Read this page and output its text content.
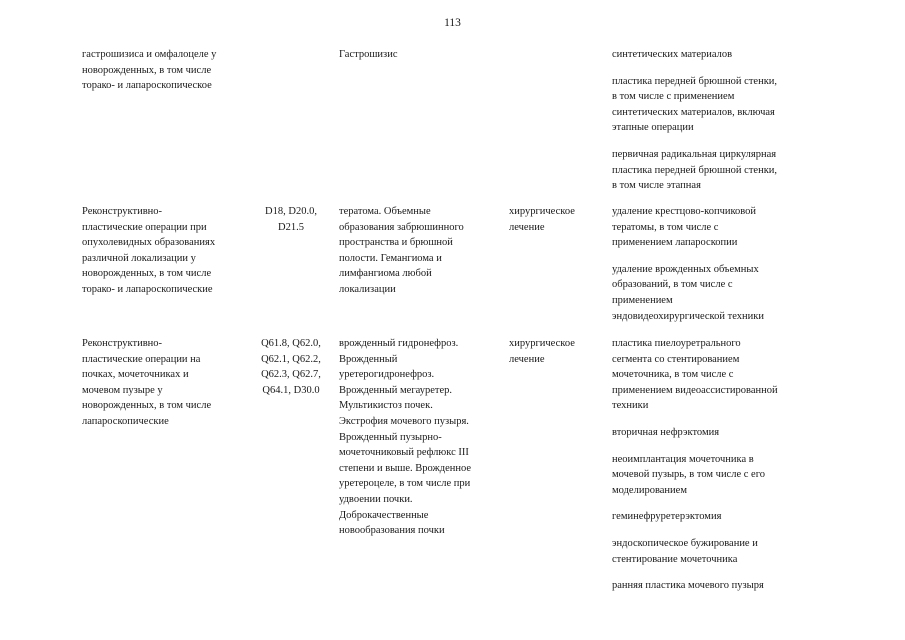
113
гастрошизиса и омфалоцеле у
новорожденных, в том числе
торако- и лапароскопическое
Гастрошизис	синтетических материалов
пластика передней брюшной стенки,
в том числе с применением
синтетических материалов, включая
этапные операции
первичная радикальная циркулярная
пластика передней брюшной стенки,
в том числе этапная
Реконструктивно-
пластические операции при
опухолевидных образованиях
различной локализации у
новорожденных, в том числе
торако- и лапароскопические
D18, D20.0,
D21.5
тератома. Объемные
образования забрюшинного
пространства и брюшной
полости. Гемангиома и
лимфангиома любой
локализации
хирургическое
лечение
удаление крестцово-копчиковой
тератомы, в том числе с
применением лапароскопии
удаление врожденных объемных
образований, в том числе с
применением
эндовидеохирургической техники
Реконструктивно-
пластические операции на
почках, мочеточниках и
мочевом пузыре у
новорожденных, в том числе
лапароскопические
Q61.8, Q62.0,
Q62.1, Q62.2,
Q62.3, Q62.7,
Q64.1, D30.0
врожденный гидронефроз.
Врожденный
уретерогидронефроз.
Врожденный мегауретер.
Мультикистоз почек.
Экстрофия мочевого пузыря.
Врожденный пузырно-
мочеточниковый рефлюкс III
степени и выше. Врожденное
уретероцеле, в том числе при
удвоении почки.
Доброкачественные
новообразования почки
хирургическое
лечение
пластика пиелоуретрального
сегмента со стентированием
мочеточника, в том числе с
применением видеоассистированной
техники
вторичная нефрэктомия
неоимплантация мочеточника в
мочевой пузырь, в том числе с его
моделированием
геминефруретерэктомия
эндоскопическое бужирование и
стентирование мочеточника
ранняя пластика мочевого пузыря
